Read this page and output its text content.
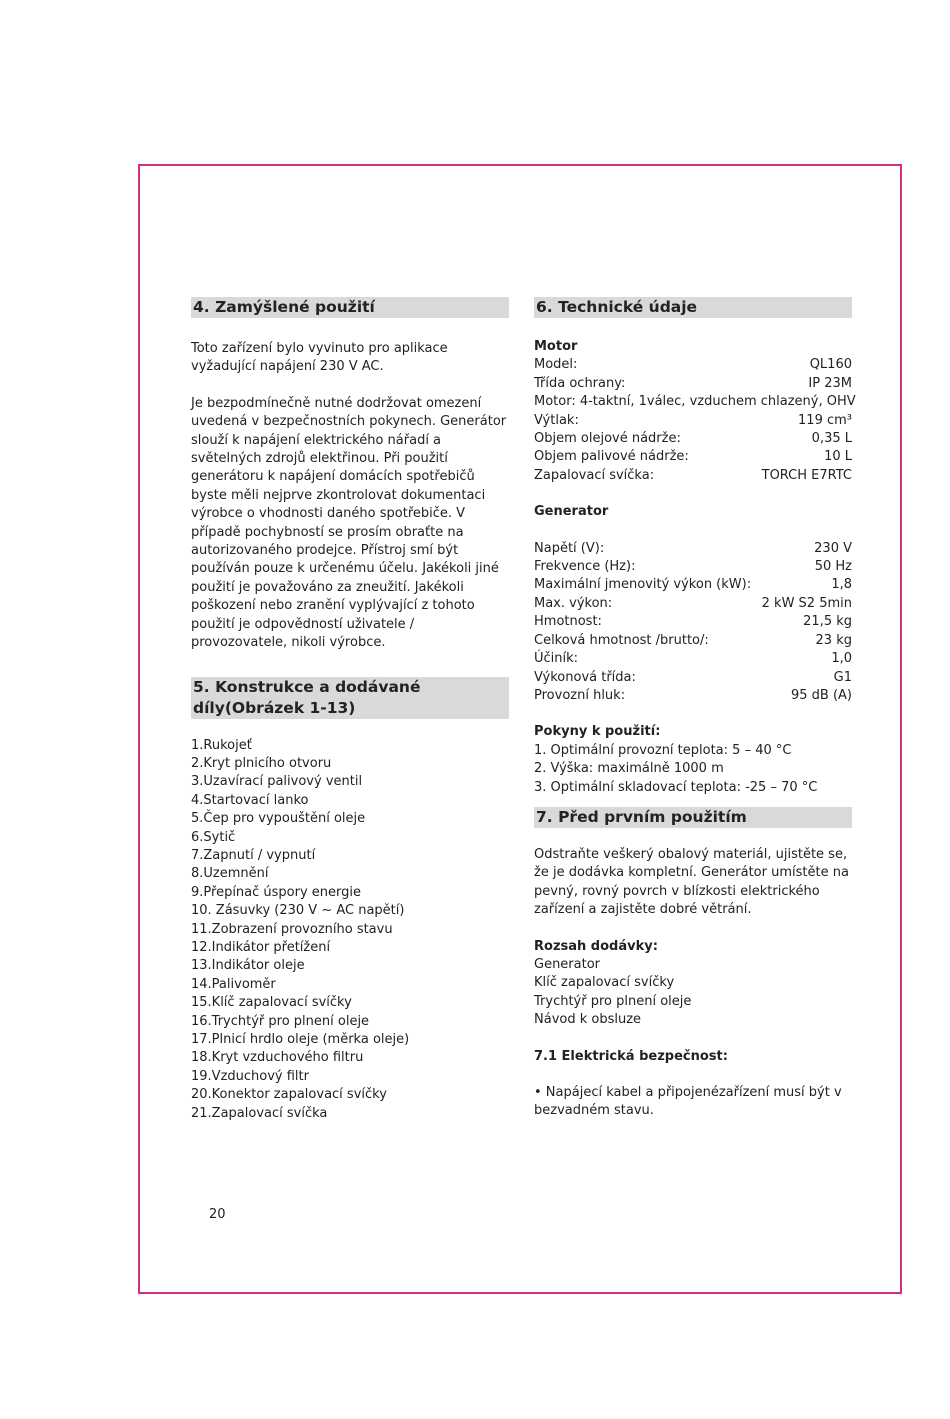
4. Zamýšlené použití

Toto zařízení bylo vyvinuto pro aplikace vyžadující napájení 230 V AC.

Je bezpodmínečně nutné dodržovat omezení uvedená v bezpečnostních pokynech. Generátor slouží k napájení elektrického nářadí a světelných zdrojů elektřinou. Při použití generátoru k napájení domácích spotřebičů byste měli nejprve zkontrolovat dokumentaci výrobce o vhodnosti daného spotřebiče. V případě pochybností se prosím obraťte na autorizovaného prodejce. Přístroj smí být používán pouze k určenému účelu. Jakékoli jiné použití je považováno za zneužití. Jakékoli poškození nebo zranění vyplývající z tohoto použití je odpovědností uživatele / provozovatele, nikoli výrobce.

5. Konstrukce a dodávané díly(Obrázek 1-13)
1.Rukojeť
2.Kryt plnicího otvoru
3.Uzavírací palivový ventil
4.Startovací lanko
5.Čep pro vypouštění oleje
6.Sytič
7.Zapnutí / vypnutí
8.Uzemnění
9.Přepínač úspory energie
10. Zásuvky (230 V ~ AC napětí)
11.Zobrazení provozního stavu
12.Indikátor přetížení
13.Indikátor oleje
14.Palivoměr
15.Klíč zapalovací svíčky
16.Trychtýř pro plnení oleje
17.Plnicí hrdlo oleje (měrka oleje)
18.Kryt vzduchového filtru
19.Vzduchový filtr
20.Konektor zapalovací svíčky
21.Zapalovací svíčka
6. Technické údaje

Motor

Model:	QL160
Třída ochrany:	IP 23M
Motor: 4-taktní, 1válec, vzduchem chlazený, OHV
Výtlak:	119 cm³
Objem olejové nádrže:	0,35 L
Objem palivové nádrže:	10 L
Zapalovací svíčka:	TORCH E7RTC

Generator

Napětí (V):	230 V
Frekvence (Hz):	50 Hz
Maximální jmenovitý výkon (kW):	1,8
Max. výkon:	2 kW S2 5min
Hmotnost:	21,5 kg
Celková hmotnost /brutto/:	23 kg
Účiník:	1,0
Výkonová třída:	G1
Provozní hluk:	95 dB (A)

Pokyny k použití:

1. Optimální provozní teplota: 5 – 40 °C
2. Výška: maximálně 1000 m
3. Optimální skladovací teplota: -25 – 70 °C
7. Před prvním použitím

Odstraňte veškerý obalový materiál, ujistěte se, že je dodávka kompletní. Generátor umístěte na pevný, rovný povrch v blízkosti elektrického zařízení a zajistěte dobré větrání.

Rozsah dodávky:

Generator
Klíč zapalovací svíčky
Trychtýř pro plnení oleje
Návod k obsluze

7.1 Elektrická bezpečnost:

• Napájecí kabel a připojenézařízení musí být v bezvadném stavu.

20
